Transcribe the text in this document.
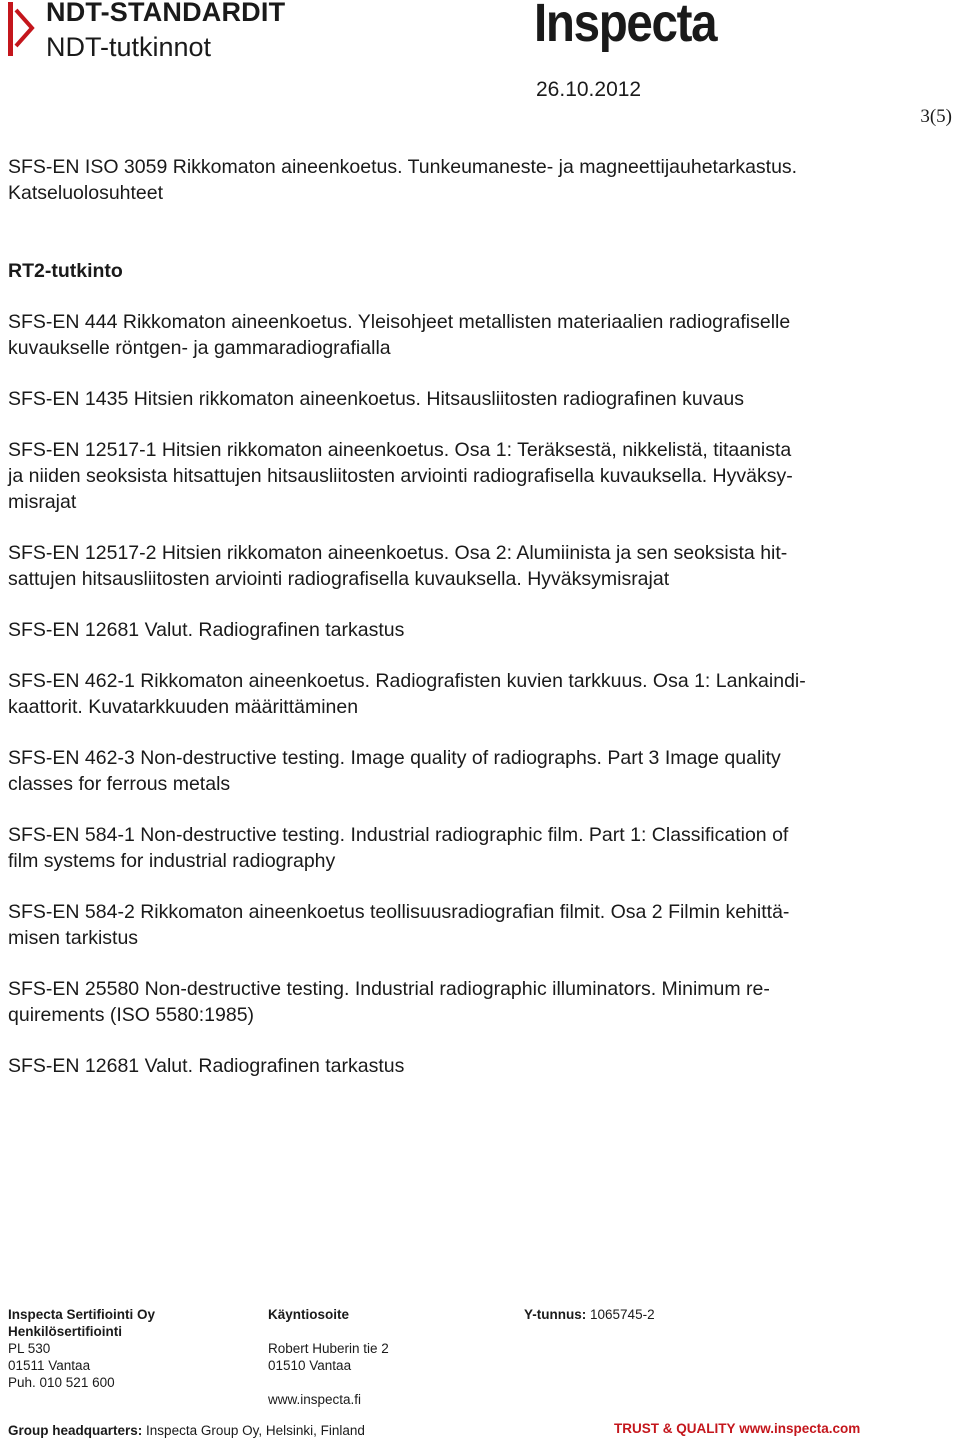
NDT-STANDARDIT
NDT-tutkinnot	Inspecta
26.10.2012
3(5)
SFS-EN ISO 3059 Rikkomaton aineenkoetus. Tunkeumaneste- ja magneettijauhetarkastus.
Katseluolosuhteet
RT2-tutkinto
SFS-EN 444 Rikkomaton aineenkoetus. Yleisohjeet metallisten materiaalien radiografiselle
kuvaukselle röntgen- ja gammaradiografialla
SFS-EN 1435 Hitsien rikkomaton aineenkoetus. Hitsausliitosten radiografinen kuvaus
SFS-EN 12517-1 Hitsien rikkomaton aineenkoetus. Osa 1: Teräksestä, nikkelistä, titaanista
ja niiden seoksista hitsattujen hitsausliitosten arviointi radiografisella kuvauksella. Hyväksy-
misrajat
SFS-EN 12517-2 Hitsien rikkomaton aineenkoetus. Osa 2: Alumiinista ja sen seoksista hit-
sattujen hitsausliitosten arviointi radiografisella kuvauksella. Hyväksymisrajat
SFS-EN 12681 Valut. Radiografinen tarkastus
SFS-EN 462-1 Rikkomaton aineenkoetus. Radiografisten kuvien tarkkuus. Osa 1: Lankaindi-
kaattorit. Kuvatarkkuuden määrittäminen
SFS-EN 462-3 Non-destructive testing. Image quality of radiographs. Part 3 Image quality
classes for ferrous metals
SFS-EN 584-1 Non-destructive testing. Industrial radiographic film. Part 1: Classification of
film systems for industrial radiography
SFS-EN 584-2 Rikkomaton aineenkoetus teollisuusradiografian filmit. Osa 2 Filmin kehittä-
misen tarkistus
SFS-EN 25580 Non-destructive testing. Industrial radiographic illuminators. Minimum re-
quirements (ISO 5580:1985)
SFS-EN 12681 Valut. Radiografinen tarkastus
Inspecta Sertifiointi Oy
Henkilösertifiointi
PL 530
01511 Vantaa
Puh. 010 521 600
Käyntiosoite

Robert Huberin tie 2
01510 Vantaa

www.inspecta.fi
Y-tunnus: 1065745-2
Group headquarters: Inspecta Group Oy, Helsinki, Finland	TRUST & QUALITY www.inspecta.com
